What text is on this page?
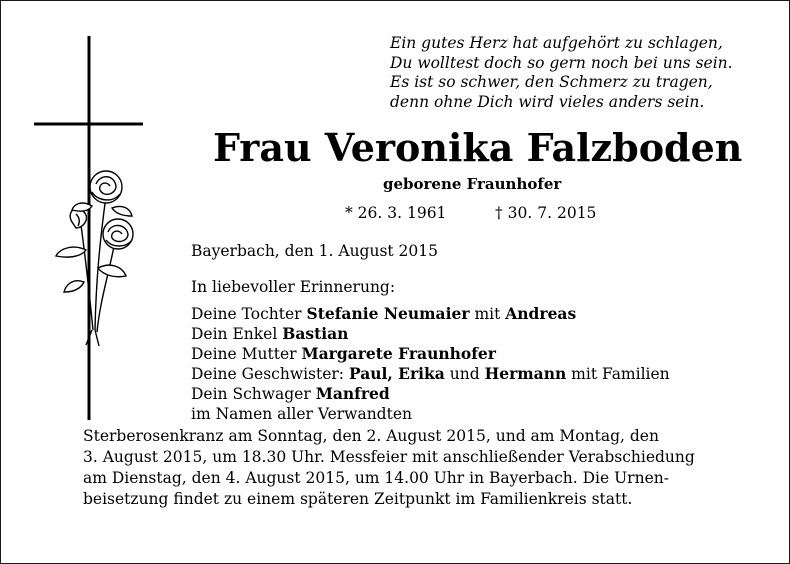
Ein gutes Herz hat aufgehört zu schlagen,
Du wolltest doch so gern noch bei uns sein.
Es ist so schwer, den Schmerz zu tragen,
denn ohne Dich wird vieles anders sein.
Frau Veronika Falzboden
geborene Fraunhofer
* 26. 3. 1961	† 30. 7. 2015
Bayerbach, den 1. August 2015
In liebevoller Erinnerung:
Deine Tochter Stefanie Neumaier mit Andreas
Dein Enkel Bastian
Deine Mutter Margarete Fraunhofer
Deine Geschwister: Paul, Erika und Hermann mit Familien
Dein Schwager Manfred
im Namen aller Verwandten
Sterberosenkranz am Sonntag, den 2. August 2015, und am Montag, den
3. August 2015, um 18.30 Uhr. Messfeier mit anschließender Verabschiedung
am Dienstag, den 4. August 2015, um 14.00 Uhr in Bayerbach. Die Urnen-
beisetzung findet zu einem späteren Zeitpunkt im Familienkreis statt.
